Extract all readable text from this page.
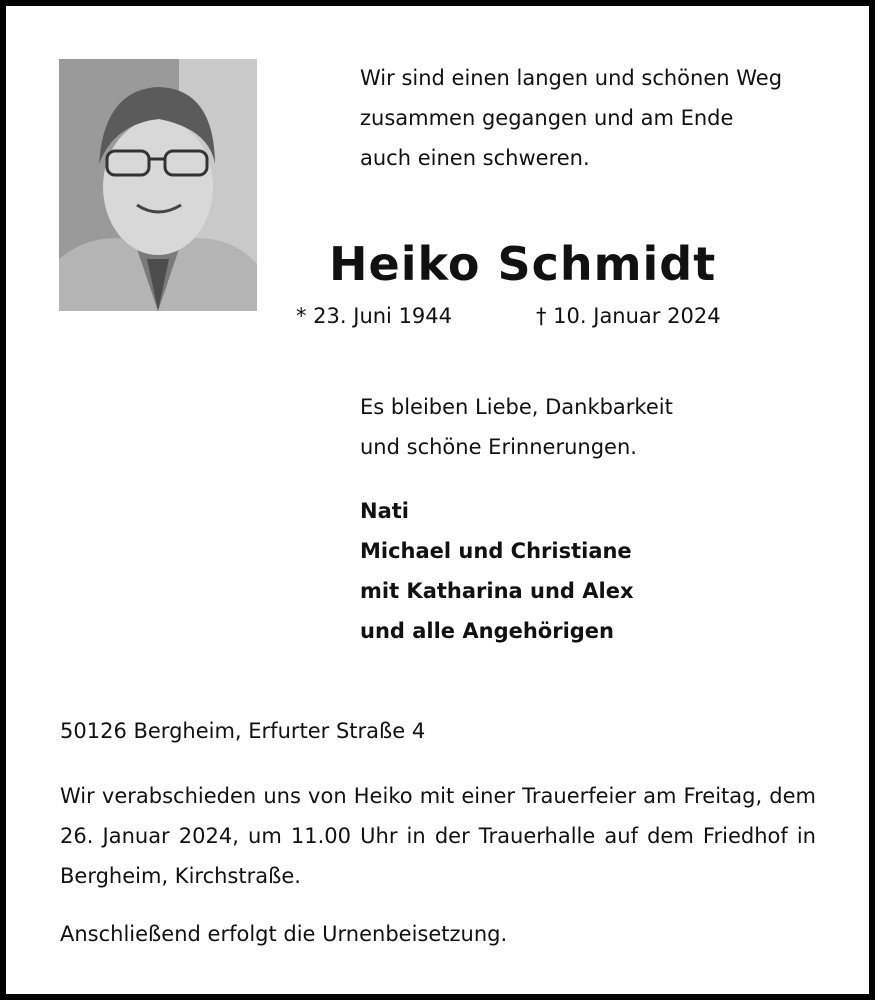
Wir sind einen langen und schönen Weg
zusammen gegangen und am Ende
auch einen schweren.
Heiko Schmidt
* 23. Juni 1944	† 10. Januar 2024
Es bleiben Liebe, Dankbarkeit
und schöne Erinnerungen.
Nati
Michael und Christiane
mit Katharina und Alex
und alle Angehörigen
50126 Bergheim, Erfurter Straße 4
Wir verabschieden uns von Heiko mit einer Trauerfeier am Freitag, dem 26. Januar 2024, um 11.00 Uhr in der Trauerhalle auf dem Friedhof in Bergheim, Kirchstraße.
Anschließend erfolgt die Urnenbeisetzung.
